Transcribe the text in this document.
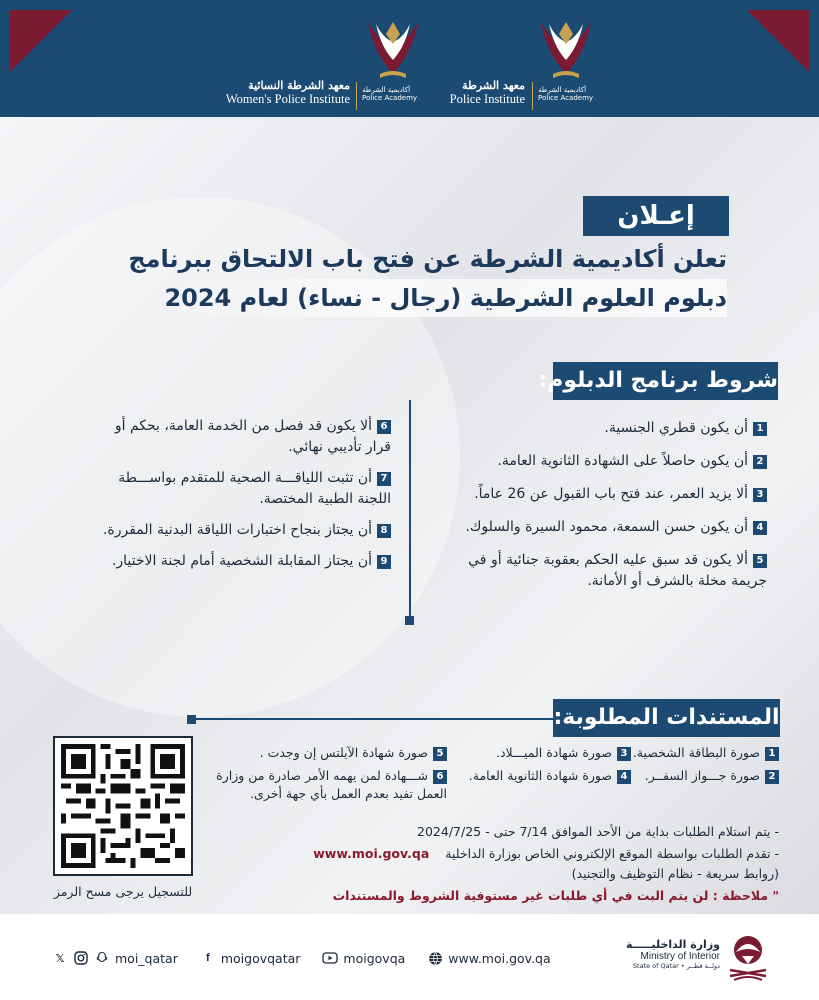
معهد الشرطة النسائية
Women's Police Institute
أكاديمية الشرطة
Police Academy
معهد الشرطة
Police Institute
أكاديمية الشرطة
Police Academy
إعـلان
تعلن أكاديمية الشرطة عن فتح باب الالتحاق ببرنامج
دبلوم العلوم الشرطية (رجال - نساء) لعام 2024
شروط برنامج الدبلوم:
1أن يكون قطري الجنسية.
2أن يكون حاصلاً على الشهادة الثانوية العامة.
3ألا يزيد العمر، عند فتح باب القبول عن 26 عاماً.
4أن يكون حسن السمعة، محمود السيرة والسلوك.
5ألا يكون قد سبق عليه الحكم بعقوبة جنائية أو في جريمة مخلة بالشرف أو الأمانة.
6ألا يكون قد فصل من الخدمة العامة، بحكم أو قرار تأديبي نهائي.
7أن تثبت اللياقـــة الصحية للمتقدم بواســـطة اللجنة الطبية المختصة.
8أن يجتاز بنجاح اختبارات اللياقة البدنية المقررة.
9أن يجتاز المقابلة الشخصية أمام لجنة الاختيار.
المستندات المطلوبة:
1صورة البطاقة الشخصية.
3صورة شهادة الميـــلاد.
5صورة شهادة الآيلتس إن وجدت .
2صورة جـــواز السفــر.
4صورة شهادة الثانوية العامة.
6شـــهادة لمن يهمه الأمر صادرة من وزارة العمل تفيد بعدم العمل بأي جهة أخرى.
- يتم استلام الطلبات بداية من الأحد الموافق 7/14 حتى - 2024/7/25
- تقدم الطلبات بواسطة الموقع الإلكتروني الخاص بوزارة الداخلية www.moi.gov.qa
(روابط سريعة - نظام التوظيف والتجنيد)
" ملاحظة : لن يتم البت في أي طلبات غير مستوفية الشروط والمستندات
للتسجيل يرجى مسح الرمز
𝕏	moi_qatar	f moigovqatar	moigovqa	www.moi.gov.qa
وزارة الداخليـــــة
Ministry of Interior
State of Qatar • دولــة قطــر
